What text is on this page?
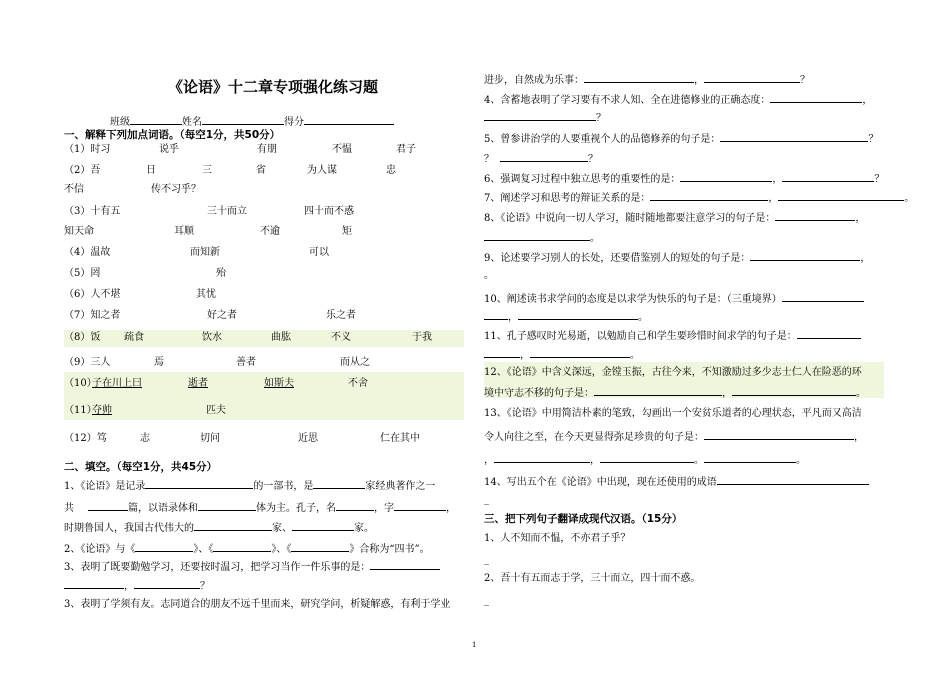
《论语》十二章专项强化练习题
班级	姓名	得分
一、解释下列加点词语。（每空1分，共50分）
（1）时习	说乎	有朋	不愠	君子
（2）吾	日	三	省	为人谋	忠
不信	传不习乎？
（3）十有五	三十而立	四十而不惑
知天命	耳顺	不逾	矩
（4）温故	而知新	可以
（5）罔	殆
（6）人不堪	其忧
（7）知之者	好之者	乐之者
（8）饭 疏食	饮水	曲肱	不义	于我
（9）三人	焉	善者	而从之
（10）
子在川上曰	逝者	如斯夫	不舍
（11）
夺帅	匹夫
（12）笃	志	切问	近思	仁在其中
二、填空。（每空1分，共45分）
1、《论语》是记录	的一部书，是	家经典著作之一
共	篇，以语录体和	体为主。孔子，名	，字	，
时期鲁国人，我国古代伟大的	家、	家。
2、《论语》与《	》、《	》、《	》合称为“四书”。
3、表明了既要勤勉学习，还要按时温习，把学习当作一件乐事的是：
，	？
3、表明了学须有友。志同道合的朋友不远千里而来，研究学问，析疑解惑，有利于学业
进步，自然成为乐事：	，	？
4、含蓄地表明了学习要有不求人知、全在进德修业的正确态度：	，
？
5、曾参讲治学的人要重视个人的品德修养的句子是：	？
？	？
6、强调复习过程中独立思考的重要性的是：	，	？
7、阐述学习和思考的辩证关系的是：	，	。
8、《论语》中说向一切人学习，随时随地都要注意学习的句子是：	，
。
9、论述要学习别人的长处，还要借鉴别人的短处的句子是：	，
。
10、阐述读书求学问的态度是以求学为快乐的句子是：（三重境界）
，	。
11、孔子感叹时光易逝，以勉励自己和学生要珍惜时间求学的句子是：
，	。
12、《论语》中含义深远，金镗玉振，古往今来，不知激励过多少志士仁人在险恶的环
境中守志不移的句子是：	，	。
13、《论语》中用简洁朴素的笔致，勾画出一个安贫乐道者的心理状态，平凡而又高洁
令人向往之至，在今天更显得弥足珍贵的句子是：	，
，	，	。	。
14、写出五个在《论语》中出现，现在还使用的成语
_
三、把下列句子翻译成现代汉语。（15分）
1、人不知而不愠，不亦君子乎？
_
2、吾十有五而志于学，三十而立，四十而不惑。
_
1
